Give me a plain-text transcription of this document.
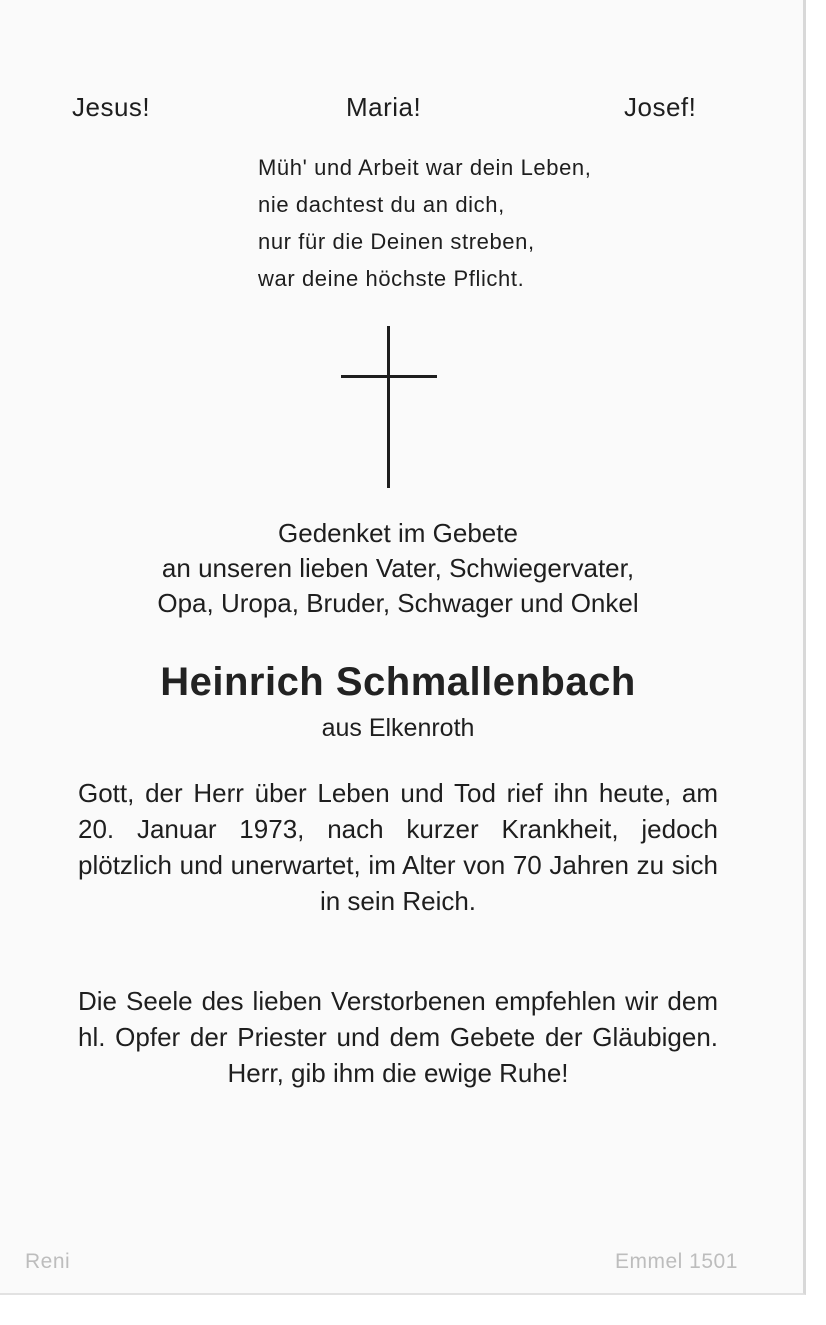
Jesus!	Maria!	Josef!

Müh' und Arbeit war dein Leben,
nie dachtest du an dich,
nur für die Deinen streben,
war deine höchste Pflicht.
Gedenket im Gebete
an unseren lieben Vater, Schwiegervater,
Opa, Uropa, Bruder, Schwager und Onkel
Heinrich Schmallenbach
aus Elkenroth
Gott, der Herr über Leben und Tod rief ihn heute, am 20. Januar 1973, nach kurzer Krankheit, jedoch plötzlich und unerwartet, im Alter von 70 Jahren zu sich in sein Reich.
Die Seele des lieben Verstorbenen empfehlen wir dem hl. Opfer der Priester und dem Gebete der Gläubigen. Herr, gib ihm die ewige Ruhe!
Reni	Emmel 1501
